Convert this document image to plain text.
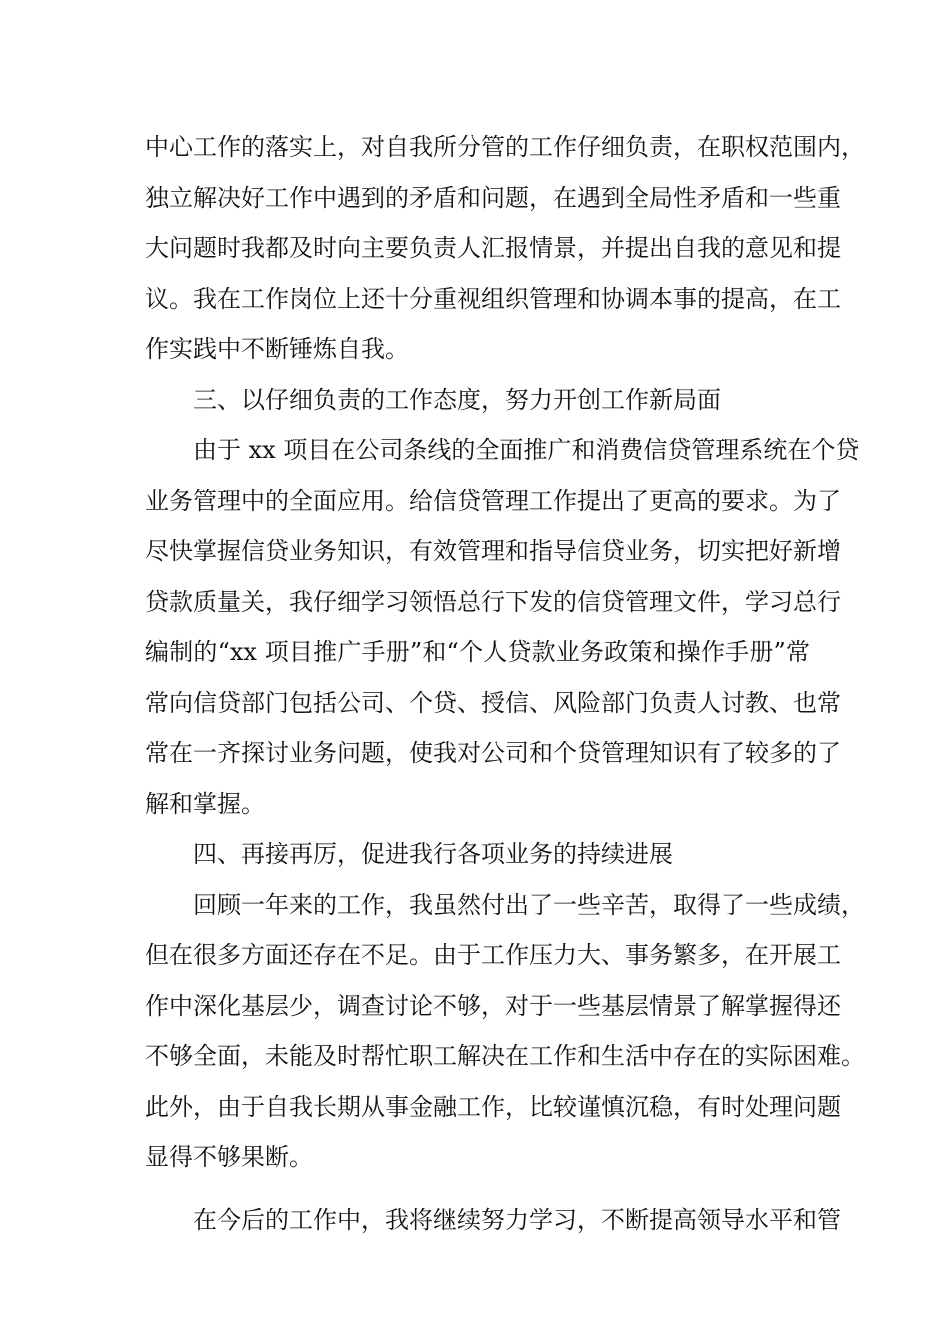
中心工作的落实上，对自我所分管的工作仔细负责，在职权范围内，
独立解决好工作中遇到的矛盾和问题，在遇到全局性矛盾和一些重
大问题时我都及时向主要负责人汇报情景，并提出自我的意见和提
议。我在工作岗位上还十分重视组织管理和协调本事的提高，在工
作实践中不断锤炼自我。
三、以仔细负责的工作态度，努力开创工作新局面
由于 xx 项目在公司条线的全面推广和消费信贷管理系统在个贷
业务管理中的全面应用。给信贷管理工作提出了更高的要求。为了
尽快掌握信贷业务知识，有效管理和指导信贷业务，切实把好新增
贷款质量关，我仔细学习领悟总行下发的信贷管理文件，学习总行
编制的“xx 项目推广手册”和“个人贷款业务政策和操作手册”常
常向信贷部门包括公司、个贷、授信、风险部门负责人讨教、也常
常在一齐探讨业务问题，使我对公司和个贷管理知识有了较多的了
解和掌握。
四、再接再厉，促进我行各项业务的持续进展
回顾一年来的工作，我虽然付出了一些辛苦，取得了一些成绩，
但在很多方面还存在不足。由于工作压力大、事务繁多，在开展工
作中深化基层少，调查讨论不够，对于一些基层情景了解掌握得还
不够全面，未能及时帮忙职工解决在工作和生活中存在的实际困难。
此外，由于自我长期从事金融工作，比较谨慎沉稳，有时处理问题
显得不够果断。
在今后的工作中，我将继续努力学习，不断提高领导水平和管
